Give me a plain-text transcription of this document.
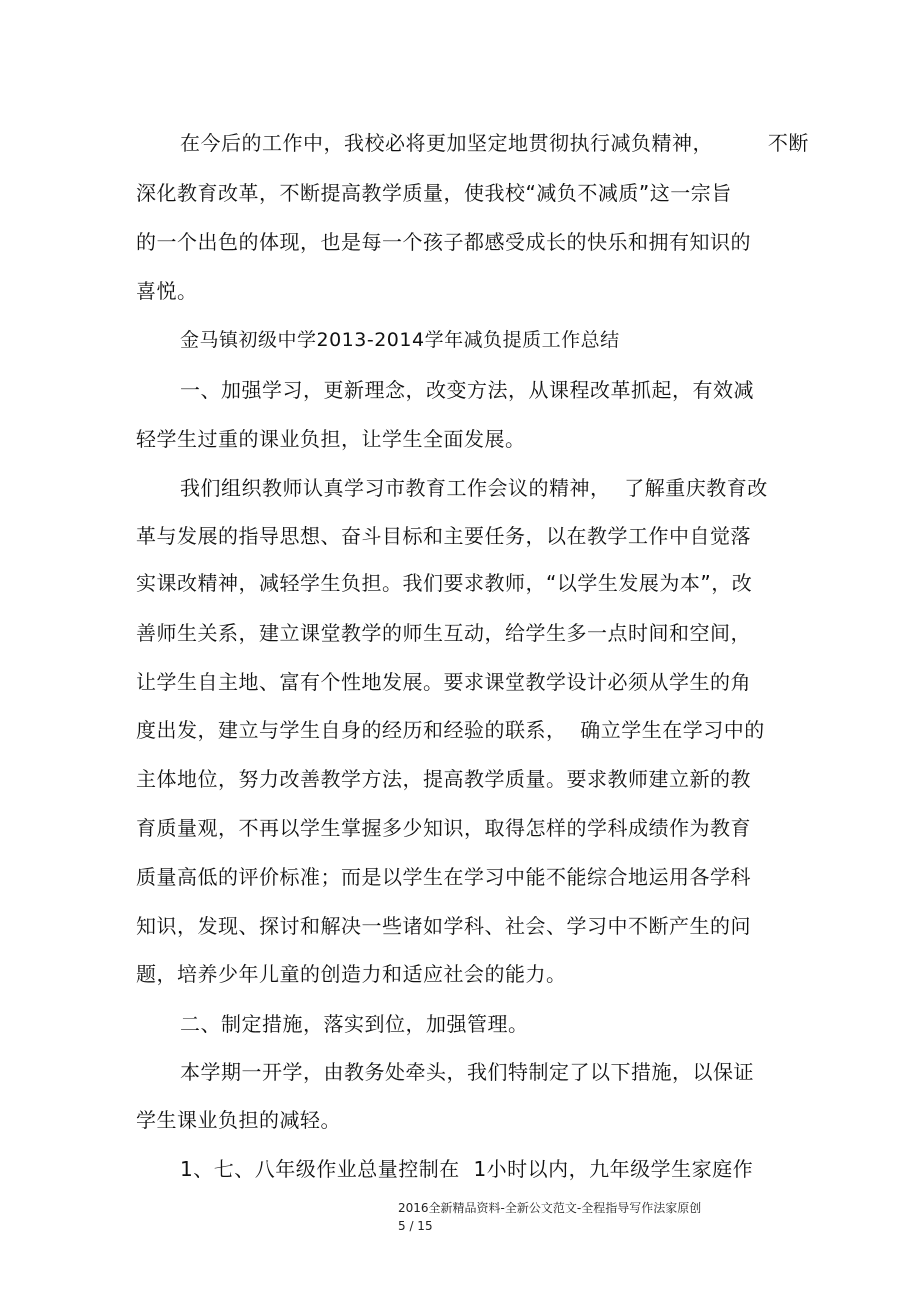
在今后的工作中，我校必将更加坚定地贯彻执行减负精神，        不断
深化教育改革，不断提高教学质量，使我校“减负不减质”这一宗旨
的一个出色的体现，也是每一个孩子都感受成长的快乐和拥有知识的
喜悦。
金马镇初级中学2013-2014学年减负提质工作总结
一、加强学习，更新理念，改变方法，从课程改革抓起，有效减
轻学生过重的课业负担，让学生全面发展。
我们组织教师认真学习市教育工作会议的精神，  了解重庆教育改
革与发展的指导思想、奋斗目标和主要任务，以在教学工作中自觉落
实课改精神，减轻学生负担。我们要求教师，“以学生发展为本”，改
善师生关系，建立课堂教学的师生互动，给学生多一点时间和空间，
让学生自主地、富有个性地发展。要求课堂教学设计必须从学生的角
度出发，建立与学生自身的经历和经验的联系，  确立学生在学习中的
主体地位，努力改善教学方法，提高教学质量。要求教师建立新的教
育质量观，不再以学生掌握多少知识，取得怎样的学科成绩作为教育
质量高低的评价标准；而是以学生在学习中能不能综合地运用各学科
知识，发现、探讨和解决一些诸如学科、社会、学习中不断产生的问
题，培养少年儿童的创造力和适应社会的能力。
二、制定措施，落实到位，加强管理。
本学期一开学，由教务处牵头，我们特制定了以下措施，以保证
学生课业负担的减轻。
1、七、八年级作业总量控制在  1小时以内，九年级学生家庭作
2016全新精品资料-全新公文范文-全程指导写作法家原创
5 / 15
